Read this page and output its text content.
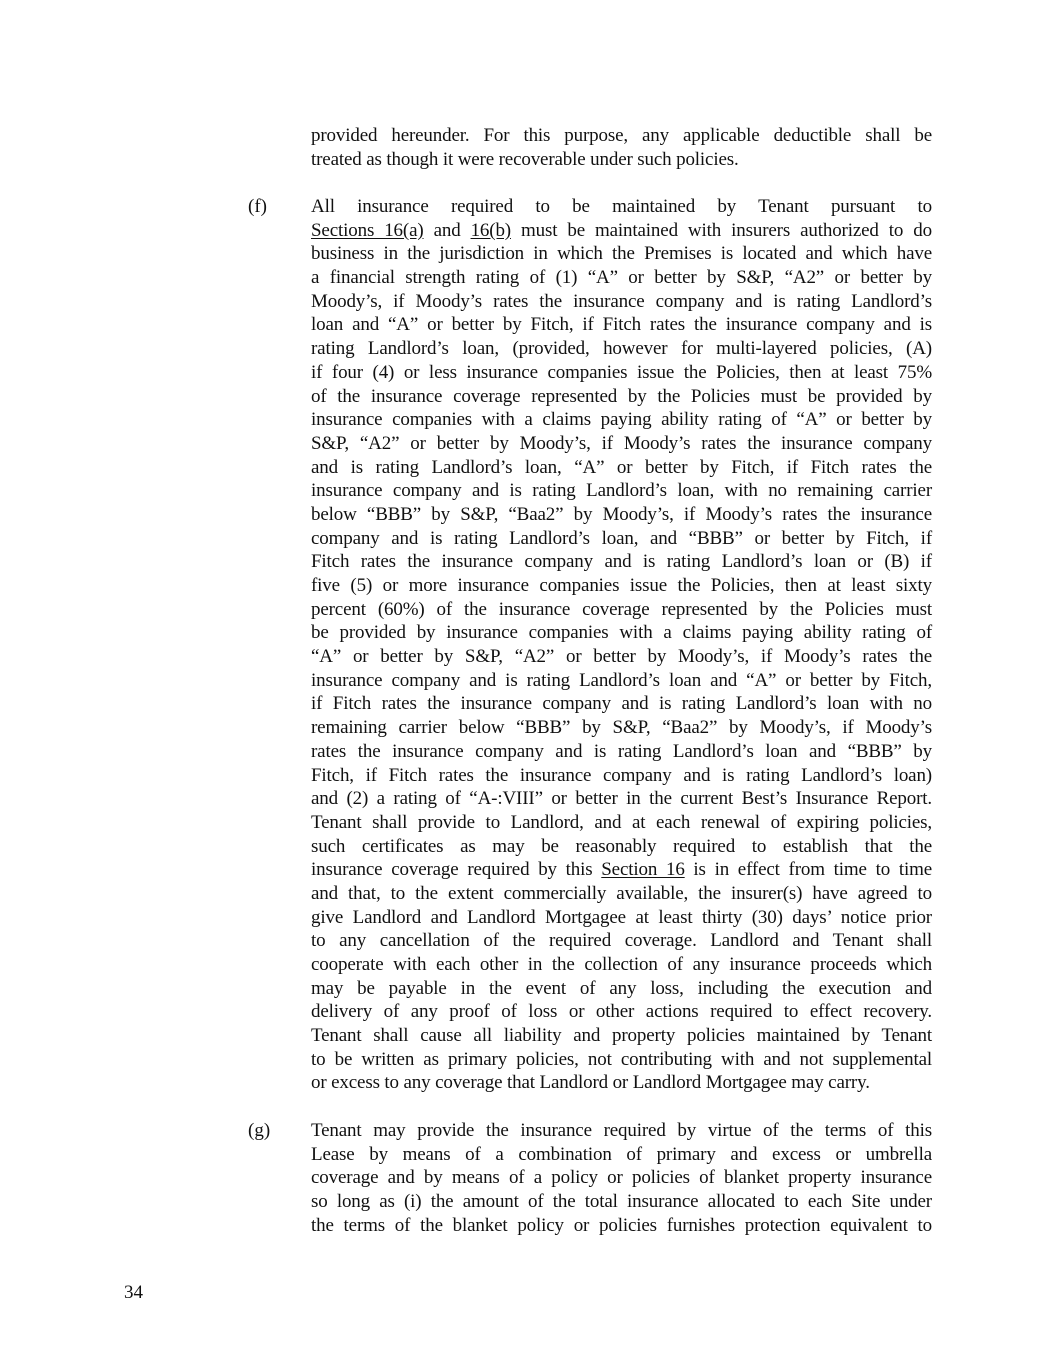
provided hereunder. For this purpose, any applicable deductible shall be
treated as though it were recoverable under such policies.
(f) All insurance required to be maintained by Tenant pursuant to
Sections 16(a) and 16(b) must be maintained with insurers authorized to do
business in the jurisdiction in which the Premises is located and which have
a financial strength rating of (1) “A” or better by S&P, “A2” or better by
Moody’s, if Moody’s rates the insurance company and is rating Landlord’s
loan and “A” or better by Fitch, if Fitch rates the insurance company and is
rating Landlord’s loan, (provided, however for multi-layered policies, (A)
if four (4) or less insurance companies issue the Policies, then at least 75%
of the insurance coverage represented by the Policies must be provided by
insurance companies with a claims paying ability rating of “A” or better by
S&P, “A2” or better by Moody’s, if Moody’s rates the insurance company
and is rating Landlord’s loan, “A” or better by Fitch, if Fitch rates the
insurance company and is rating Landlord’s loan, with no remaining carrier
below “BBB” by S&P, “Baa2” by Moody’s, if Moody’s rates the insurance
company and is rating Landlord’s loan, and “BBB” or better by Fitch, if
Fitch rates the insurance company and is rating Landlord’s loan or (B) if
five (5) or more insurance companies issue the Policies, then at least sixty
percent (60%) of the insurance coverage represented by the Policies must
be provided by insurance companies with a claims paying ability rating of
“A” or better by S&P, “A2” or better by Moody’s, if Moody’s rates the
insurance company and is rating Landlord’s loan and “A” or better by Fitch,
if Fitch rates the insurance company and is rating Landlord’s loan with no
remaining carrier below “BBB” by S&P, “Baa2” by Moody’s, if Moody’s
rates the insurance company and is rating Landlord’s loan and “BBB” by
Fitch, if Fitch rates the insurance company and is rating Landlord’s loan)
and (2) a rating of “A-:VIII” or better in the current Best’s Insurance Report.
Tenant shall provide to Landlord, and at each renewal of expiring policies,
such certificates as may be reasonably required to establish that the
insurance coverage required by this Section 16 is in effect from time to time
and that, to the extent commercially available, the insurer(s) have agreed to
give Landlord and Landlord Mortgagee at least thirty (30) days’ notice prior
to any cancellation of the required coverage. Landlord and Tenant shall
cooperate with each other in the collection of any insurance proceeds which
may be payable in the event of any loss, including the execution and
delivery of any proof of loss or other actions required to effect recovery.
Tenant shall cause all liability and property policies maintained by Tenant
to be written as primary policies, not contributing with and not supplemental
or excess to any coverage that Landlord or Landlord Mortgagee may carry.
(g) Tenant may provide the insurance required by virtue of the terms of this
Lease by means of a combination of primary and excess or umbrella
coverage and by means of a policy or policies of blanket property insurance
so long as (i) the amount of the total insurance allocated to each Site under
the terms of the blanket policy or policies furnishes protection equivalent to
34
